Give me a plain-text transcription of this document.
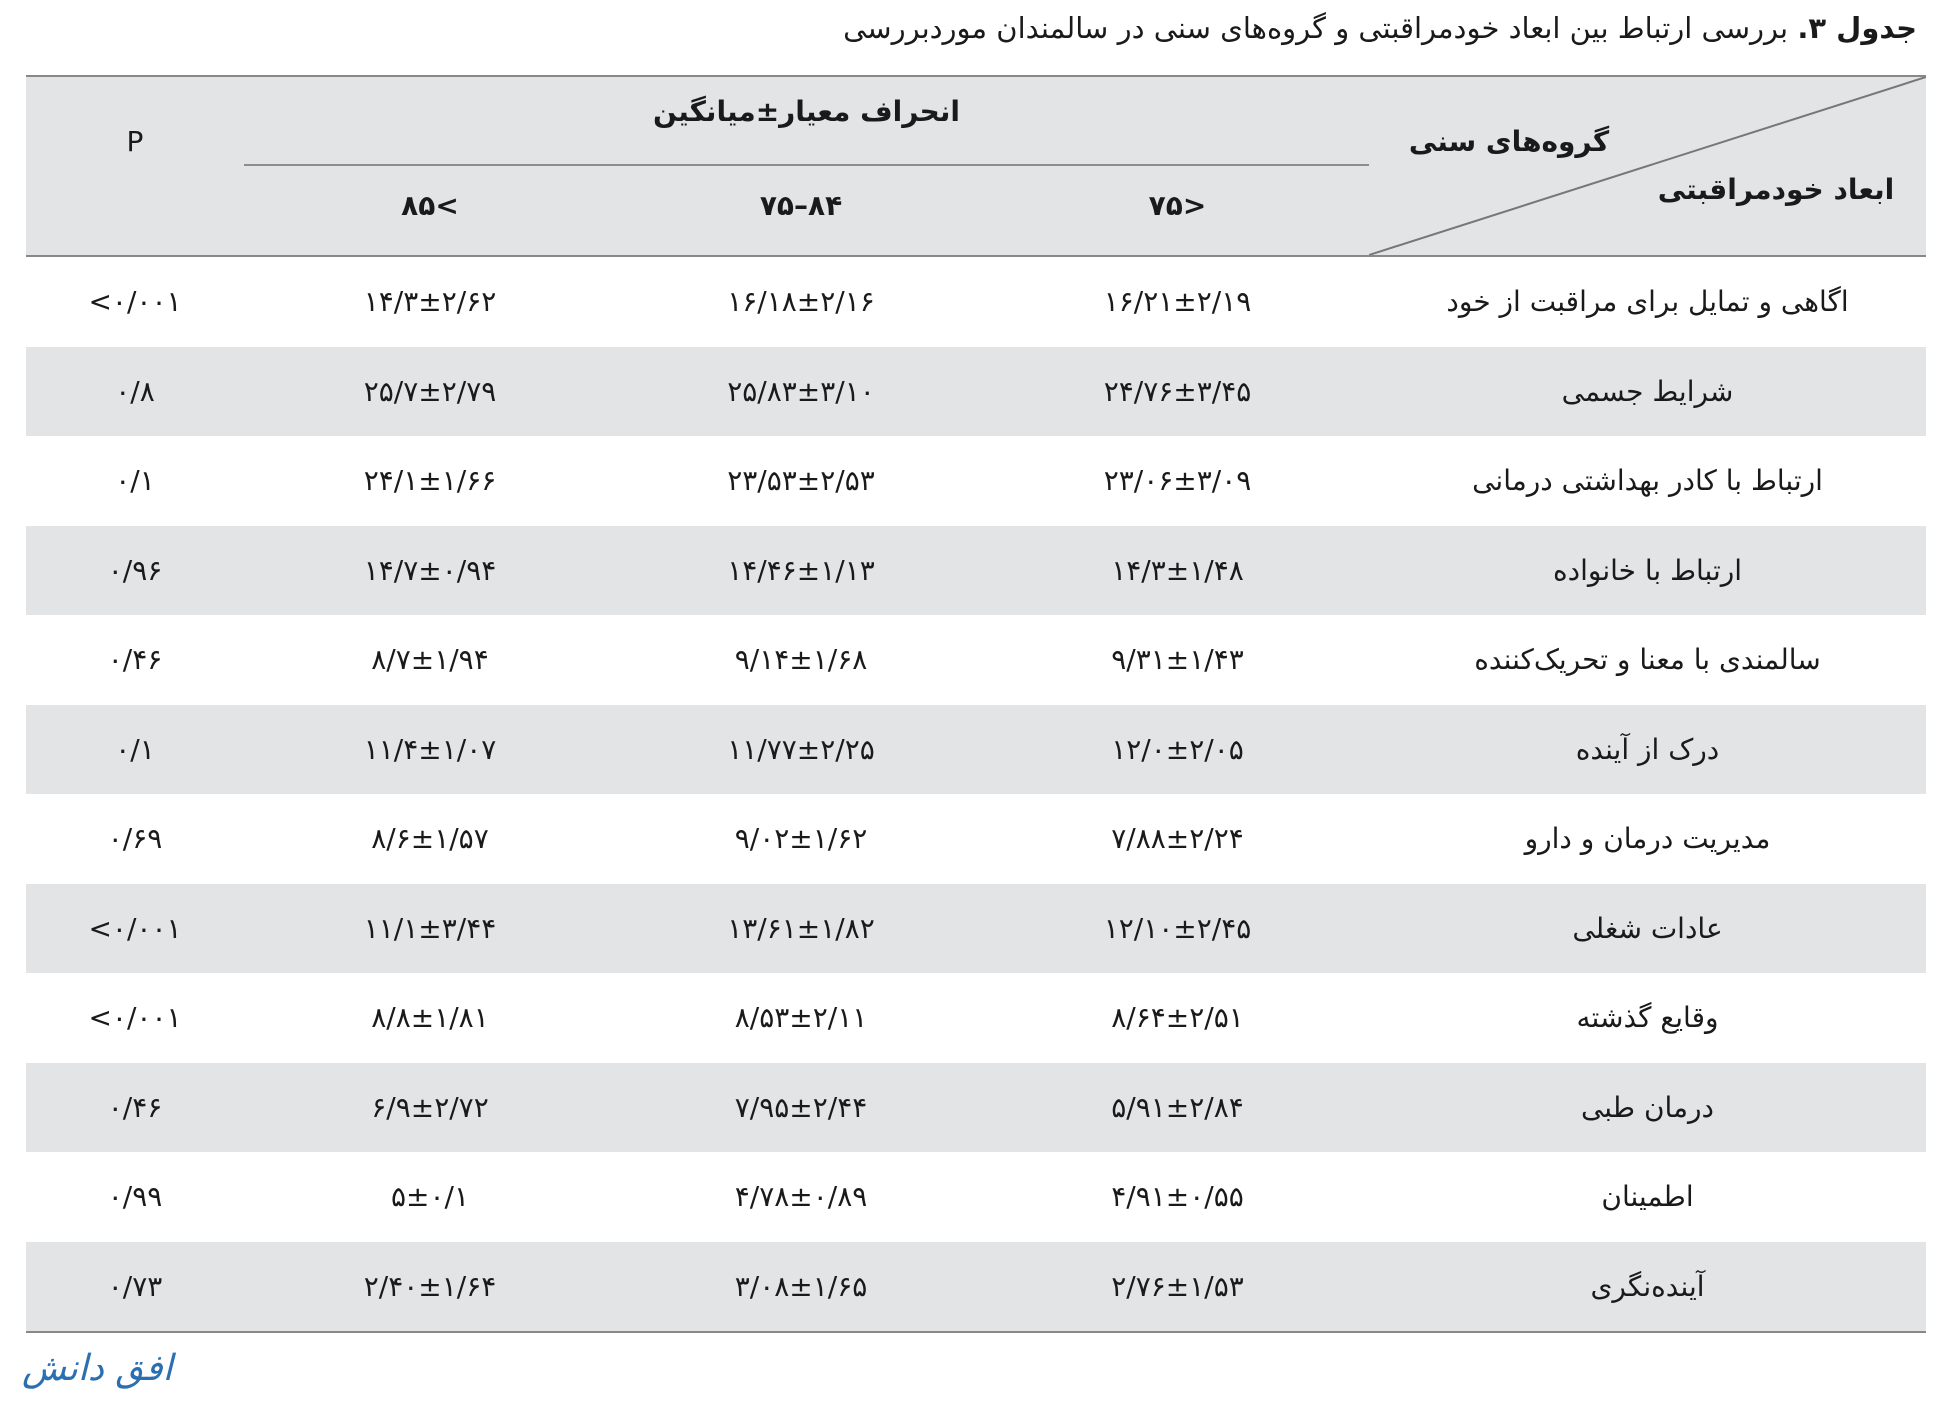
جدول ۳. بررسی ارتباط بین ابعاد خودمراقبتی و گروه‌های سنی در سالمندان موردبررسی
P
انحراف معیار±میانگین
۸۵<	۷۵–۸۴	۷۵>
گروه‌های سنی
ابعاد خودمراقبتی
اگاهی و تمایل برای مراقبت از خود
۱۶/۲۱±۲/۱۹
۱۶/۱۸±۲/۱۶
۱۴/۳±۲/۶۲
<۰/۰۰۱
شرایط جسمی
۲۴/۷۶±۳/۴۵
۲۵/۸۳±۳/۱۰
۲۵/۷±۲/۷۹
۰/۸
ارتباط با کادر بهداشتی درمانی
۲۳/۰۶±۳/۰۹
۲۳/۵۳±۲/۵۳
۲۴/۱±۱/۶۶
۰/۱
ارتباط با خانواده
۱۴/۳±۱/۴۸
۱۴/۴۶±۱/۱۳
۱۴/۷±۰/۹۴
۰/۹۶
سالمندی با معنا و تحریک‌کننده
۹/۳۱±۱/۴۳
۹/۱۴±۱/۶۸
۸/۷±۱/۹۴
۰/۴۶
درک از آینده
۱۲/۰±۲/۰۵
۱۱/۷۷±۲/۲۵
۱۱/۴±۱/۰۷
۰/۱
مدیریت درمان و دارو
۷/۸۸±۲/۲۴
۹/۰۲±۱/۶۲
۸/۶±۱/۵۷
۰/۶۹
عادات شغلی
۱۲/۱۰±۲/۴۵
۱۳/۶۱±۱/۸۲
۱۱/۱±۳/۴۴
<۰/۰۰۱
وقایع گذشته
۸/۶۴±۲/۵۱
۸/۵۳±۲/۱۱
۸/۸±۱/۸۱
<۰/۰۰۱
درمان طبی
۵/۹۱±۲/۸۴
۷/۹۵±۲/۴۴
۶/۹±۲/۷۲
۰/۴۶
اطمینان
۴/۹۱±۰/۵۵
۴/۷۸±۰/۸۹
۵±۰/۱
۰/۹۹
آینده‌نگری
۲/۷۶±۱/۵۳
۳/۰۸±۱/۶۵
۲/۴۰±۱/۶۴
۰/۷۳
افق دانش
